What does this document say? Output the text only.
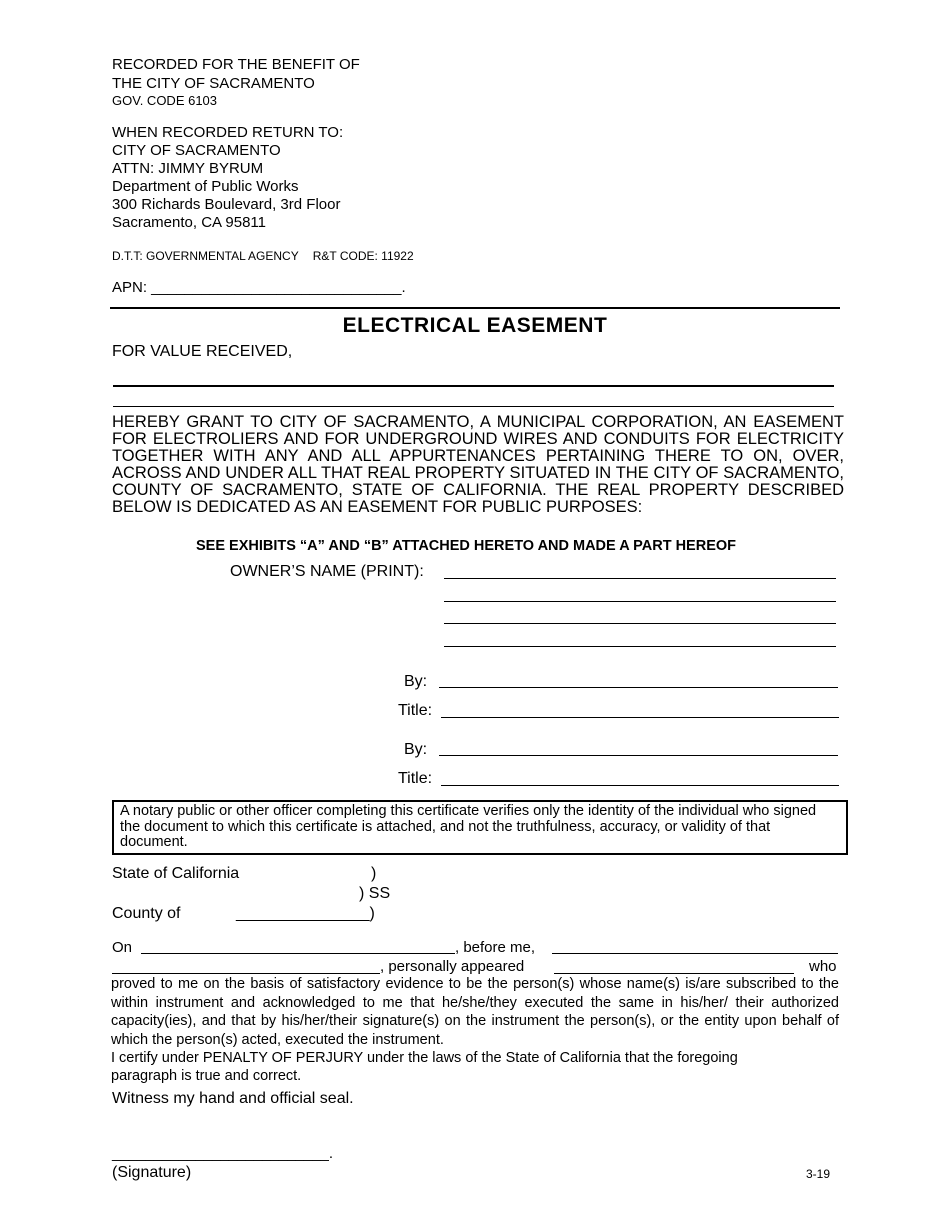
RECORDED FOR THE BENEFIT OF
THE CITY OF SACRAMENTO
GOV. CODE 6103
WHEN RECORDED RETURN TO:
CITY OF SACRAMENTO
ATTN: JIMMY BYRUM
Department of Public Works
300 Richards Boulevard, 3rd Floor
Sacramento, CA 95811
D.T.T: GOVERNMENTAL AGENCY R&T CODE: 11922
APN: ______________________________.
ELECTRICAL EASEMENT
FOR VALUE RECEIVED,
HEREBY GRANT TO CITY OF SACRAMENTO, A MUNICIPAL CORPORATION, AN EASEMENT FOR ELECTROLIERS AND FOR UNDERGROUND WIRES AND CONDUITS FOR ELECTRICITY TOGETHER WITH ANY AND ALL APPURTENANCES PERTAINING THERE TO ON, OVER, ACROSS AND UNDER ALL THAT REAL PROPERTY SITUATED IN THE CITY OF SACRAMENTO, COUNTY OF SACRAMENTO, STATE OF CALIFORNIA. THE REAL PROPERTY DESCRIBED BELOW IS DEDICATED AS AN EASEMENT FOR PUBLIC PURPOSES:
SEE EXHIBITS “A” AND “B” ATTACHED HERETO AND MADE A PART HEREOF
OWNER’S NAME (PRINT):
By:
Title:
By:
Title:
A notary public or other officer completing this certificate verifies only the identity of the individual who signed the document to which this certificate is attached, and not the truthfulness, accuracy, or validity of that document.
State of California	)
) SS
County of	_______________)
On	, before me,
, personally appeared	who
proved to me on the basis of satisfactory evidence to be the person(s) whose name(s) is/are subscribed to the within instrument and acknowledged to me that he/she/they executed the same in his/her/ their authorized capacity(ies), and that by his/her/their signature(s) on the instrument the person(s), or the entity upon behalf of which the person(s) acted, executed the instrument.
I certify under PENALTY OF PERJURY under the laws of the State of California that the foregoing paragraph is true and correct.
Witness my hand and official seal.
__________________________.
(Signature)	3-19
